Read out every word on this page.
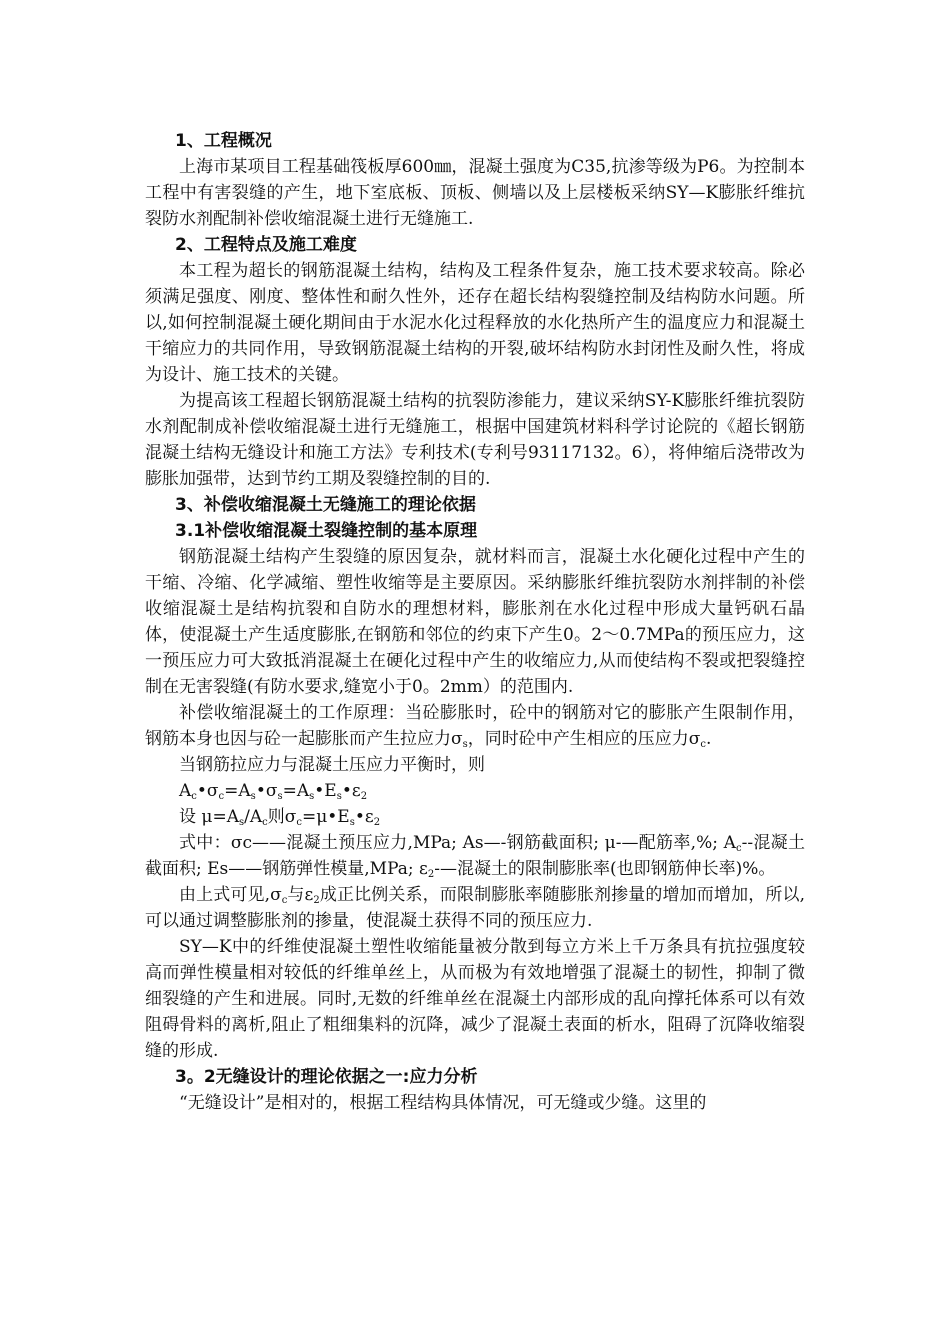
1、工程概况

上海市某项目工程基础筏板厚600㎜，混凝土强度为C35,抗渗等级为P6。为控制本工程中有害裂缝的产生，地下室底板、顶板、侧墙以及上层楼板采纳SY—K膨胀纤维抗裂防水剂配制补偿收缩混凝土进行无缝施工.

2、工程特点及施工难度

本工程为超长的钢筋混凝土结构，结构及工程条件复杂，施工技术要求较高。除必须满足强度、刚度、整体性和耐久性外，还存在超长结构裂缝控制及结构防水问题。所以,如何控制混凝土硬化期间由于水泥水化过程释放的水化热所产生的温度应力和混凝土干缩应力的共同作用，导致钢筋混凝土结构的开裂,破坏结构防水封闭性及耐久性，将成为设计、施工技术的关键。

为提高该工程超长钢筋混凝土结构的抗裂防渗能力，建议采纳SY-K膨胀纤维抗裂防水剂配制成补偿收缩混凝土进行无缝施工，根据中国建筑材料科学讨论院的《超长钢筋混凝土结构无缝设计和施工方法》专利技术(专利号93117132。6），将伸缩后浇带改为膨胀加强带，达到节约工期及裂缝控制的目的.

3、补偿收缩混凝土无缝施工的理论依据

3.1补偿收缩混凝土裂缝控制的基本原理

钢筋混凝土结构产生裂缝的原因复杂，就材料而言，混凝土水化硬化过程中产生的干缩、冷缩、化学减缩、塑性收缩等是主要原因。采纳膨胀纤维抗裂防水剂拌制的补偿收缩混凝土是结构抗裂和自防水的理想材料，膨胀剂在水化过程中形成大量钙矾石晶体，使混凝土产生适度膨胀,在钢筋和邻位的约束下产生0。2～0.7MPa的预压应力，这一预压应力可大致抵消混凝土在硬化过程中产生的收缩应力,从而使结构不裂或把裂缝控制在无害裂缝(有防水要求,缝宽小于0。2mm）的范围内.

补偿收缩混凝土的工作原理：当砼膨胀时，砼中的钢筋对它的膨胀产生限制作用，钢筋本身也因与砼一起膨胀而产生拉应力$\sigma_s$，同时砼中产生相应的压应力$\sigma_c$.

当钢筋拉应力与混凝土压应力平衡时，则

$A_c•\sigma_c=A_s•\sigma_s=A_s•E_s•\varepsilon_2$

设 $\mu=A_s/A_c$则$\sigma_c=\mu•E_s•\varepsilon_2$

式中：σc——混凝土预压应力,MPa; As—-钢筋截面积; μ-—配筋率,%; $A_c--$混凝土截面积; Es——钢筋弹性模量,MPa; $\varepsilon_2-—$混凝土的限制膨胀率(也即钢筋伸长率)%。

由上式可见$,\sigma_c$与$\varepsilon_2$成正比例关系，而限制膨胀率随膨胀剂掺量的增加而增加，所以,可以通过调整膨胀剂的掺量，使混凝土获得不同的预压应力.

SY—K中的纤维使混凝土塑性收缩能量被分散到每立方米上千万条具有抗拉强度较高而弹性模量相对较低的纤维单丝上，从而极为有效地增强了混凝土的韧性，抑制了微细裂缝的产生和进展。同时,无数的纤维单丝在混凝土内部形成的乱向撑托体系可以有效阻碍骨料的离析,阻止了粗细集料的沉降，减少了混凝土表面的析水，阻碍了沉降收缩裂缝的形成.

3。2无缝设计的理论依据之一:应力分析

“无缝设计”是相对的，根据工程结构具体情况，可无缝或少缝。这里的
